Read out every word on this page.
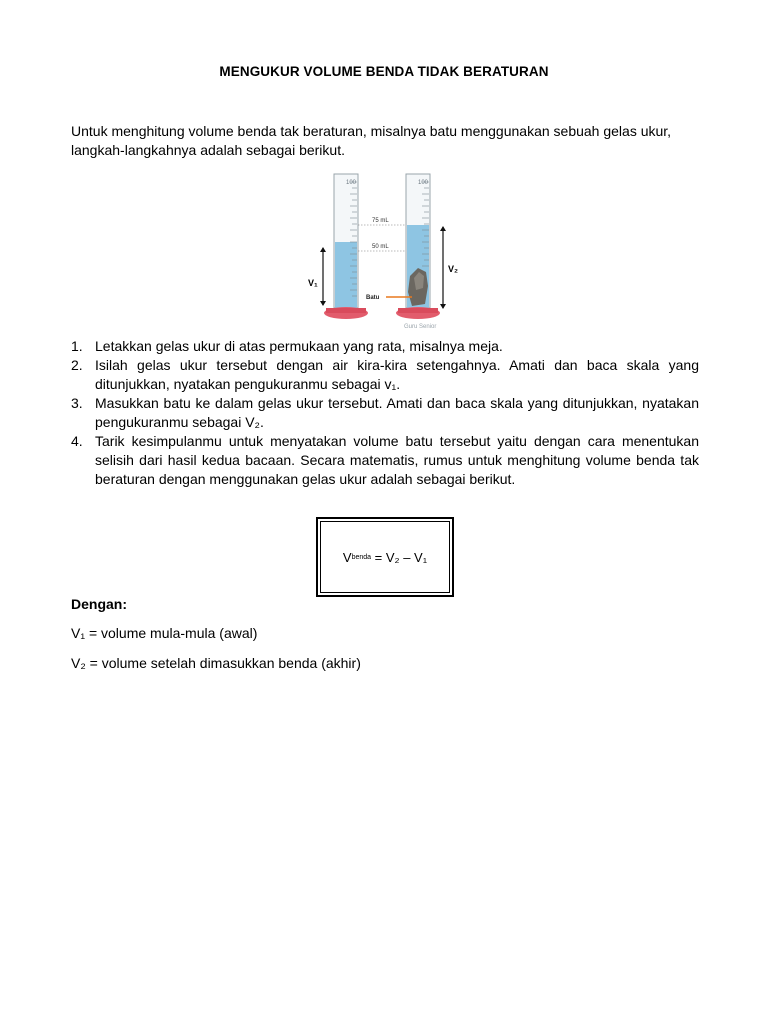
MENGUKUR VOLUME BENDA TIDAK BERATURAN
Untuk menghitung volume benda tak beraturan, misalnya batu menggunakan sebuah gelas ukur, langkah-langkahnya adalah sebagai berikut.
100	100
75 mL
50 mL
V₁
V₂
Batu
Guru Senior
1. Letakkan gelas ukur di atas permukaan yang rata, misalnya meja.
2. Isilah gelas ukur tersebut dengan air kira-kira setengahnya. Amati dan baca skala yang ditunjukkan, nyatakan pengukuranmu sebagai v₁.
3. Masukkan batu ke dalam gelas ukur tersebut. Amati dan baca skala yang ditunjukkan, nyatakan pengukuranmu sebagai V₂.
4. Tarik kesimpulanmu untuk menyatakan volume batu tersebut yaitu dengan cara menentukan selisih dari hasil kedua bacaan. Secara matematis, rumus untuk menghitung volume benda tak beraturan dengan menggunakan gelas ukur adalah sebagai berikut.
V benda
= V₂ – V₁
Dengan:
V₁ = volume mula-mula (awal)
V₂ = volume setelah dimasukkan benda (akhir)
